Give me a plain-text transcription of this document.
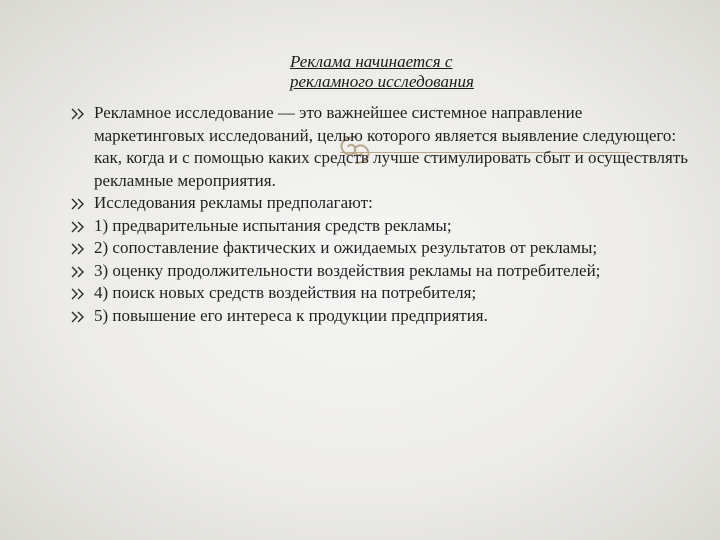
Реклама начинается с
рекламного исследования
Рекламное исследование — это важнейшее системное направление маркетинговых исследований, целью которого является выявление следующего: как, когда и с помощью каких средств лучше стимулировать сбыт и осуществлять рекламные мероприятия.
Исследования рекламы предполагают:
1) предварительные испытания средств рекламы;
2) сопоставление фактических и ожидаемых результатов от рекламы;
3) оценку продолжительности воздействия рекламы на потребителей;
4) поиск новых средств воздействия на потребителя;
5) повышение его интереса к продукции предприятия.
